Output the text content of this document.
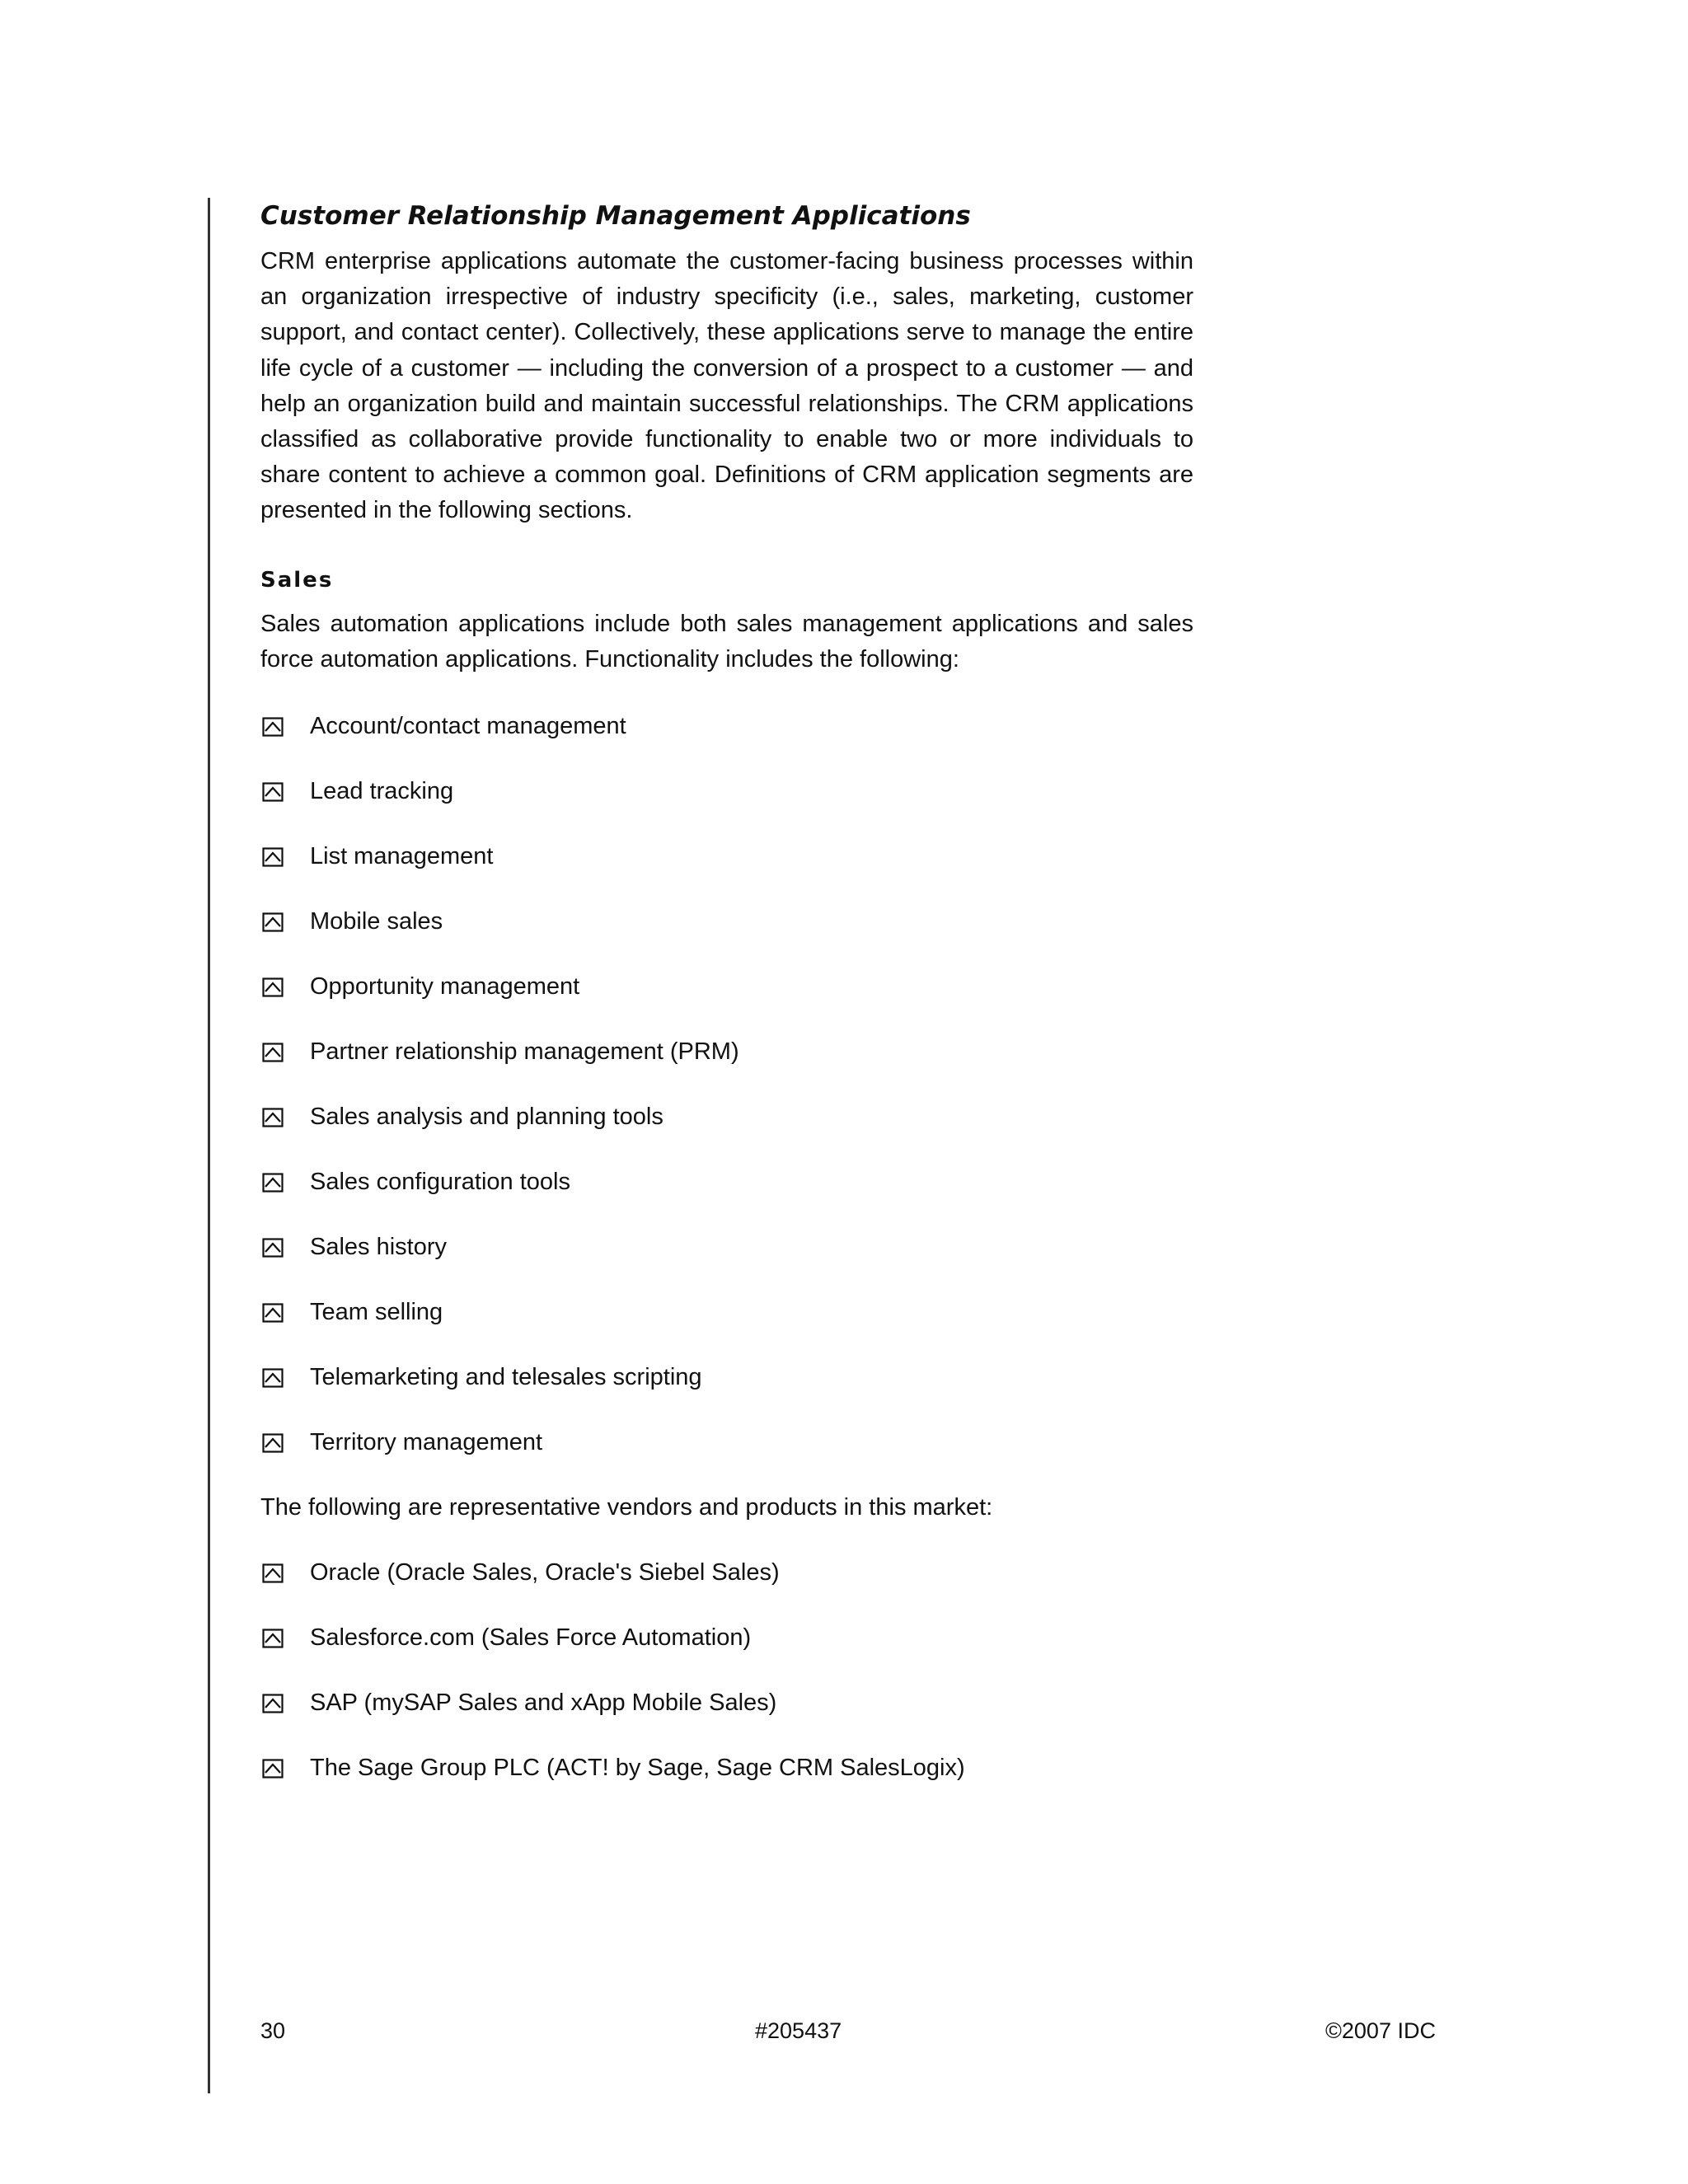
Customer Relationship Management Applications

CRM enterprise applications automate the customer-facing business processes within an organization irrespective of industry specificity (i.e., sales, marketing, customer support, and contact center). Collectively, these applications serve to manage the entire life cycle of a customer — including the conversion of a prospect to a customer — and help an organization build and maintain successful relationships. The CRM applications classified as collaborative provide functionality to enable two or more individuals to share content to achieve a common goal. Definitions of CRM application segments are presented in the following sections.

Sales

Sales automation applications include both sales management applications and sales force automation applications. Functionality includes the following:

Account/contact management
Lead tracking
List management
Mobile sales
Opportunity management
Partner relationship management (PRM)
Sales analysis and planning tools
Sales configuration tools
Sales history
Team selling
Telemarketing and telesales scripting
Territory management

The following are representative vendors and products in this market:

Oracle (Oracle Sales, Oracle's Siebel Sales)
Salesforce.com (Sales Force Automation)
SAP (mySAP Sales and xApp Mobile Sales)
The Sage Group PLC (ACT! by Sage, Sage CRM SalesLogix)
30	#205437	©2007 IDC
